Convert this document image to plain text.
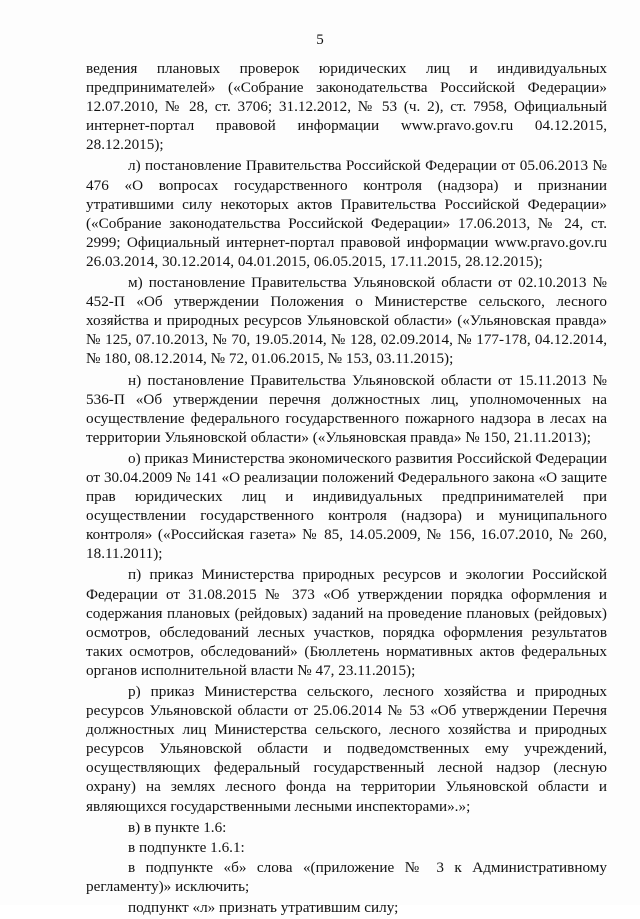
5

ведения плановых проверок юридических лиц и индивидуальных предпринимателей» («Собрание законодательства Российской Федерации» 12.07.2010, № 28, ст. 3706; 31.12.2012, № 53 (ч. 2), ст. 7958, Официальный интернет-портал правовой информации www.pravo.gov.ru 04.12.2015, 28.12.2015);

л) постановление Правительства Российской Федерации от 05.06.2013 № 476 «О вопросах государственного контроля (надзора) и признании утратившими силу некоторых актов Правительства Российской Федерации» («Собрание законодательства Российской Федерации» 17.06.2013, № 24, ст. 2999; Официальный интернет-портал правовой информации www.pravo.gov.ru 26.03.2014, 30.12.2014, 04.01.2015, 06.05.2015, 17.11.2015, 28.12.2015);

м) постановление Правительства Ульяновской области от 02.10.2013 № 452-П «Об утверждении Положения о Министерстве сельского, лесного хозяйства и природных ресурсов Ульяновской области» («Ульяновская правда» № 125, 07.10.2013, № 70, 19.05.2014, № 128, 02.09.2014, № 177-178, 04.12.2014, № 180, 08.12.2014, № 72, 01.06.2015, № 153, 03.11.2015);

н) постановление Правительства Ульяновской области от 15.11.2013 № 536-П «Об утверждении перечня должностных лиц, уполномоченных на осуществление федерального государственного пожарного надзора в лесах на территории Ульяновской области» («Ульяновская правда» № 150, 21.11.2013);

о) приказ Министерства экономического развития Российской Федерации от 30.04.2009 № 141 «О реализации положений Федерального закона «О защите прав юридических лиц и индивидуальных предпринимателей при осуществлении государственного контроля (надзора) и муниципального контроля» («Российская газета» № 85, 14.05.2009, № 156, 16.07.2010, № 260, 18.11.2011);

п) приказ Министерства природных ресурсов и экологии Российской Федерации от 31.08.2015 № 373 «Об утверждении порядка оформления и содержания плановых (рейдовых) заданий на проведение плановых (рейдовых) осмотров, обследований лесных участков, порядка оформления результатов таких осмотров, обследований» (Бюллетень нормативных актов федеральных органов исполнительной власти № 47, 23.11.2015);

р) приказ Министерства сельского, лесного хозяйства и природных ресурсов Ульяновской области от 25.06.2014 № 53 «Об утверждении Перечня должностных лиц Министерства сельского, лесного хозяйства и природных ресурсов Ульяновской области и подведомственных ему учреждений, осуществляющих федеральный государственный лесной надзор (лесную охрану) на землях лесного фонда на территории Ульяновской области и являющихся государственными лесными инспекторами».»;

в) в пункте 1.6:

в подпункте 1.6.1:

в подпункте «б» слова «(приложение № 3 к Административному регламенту)» исключить;

подпункт «л» признать утратившим силу;
